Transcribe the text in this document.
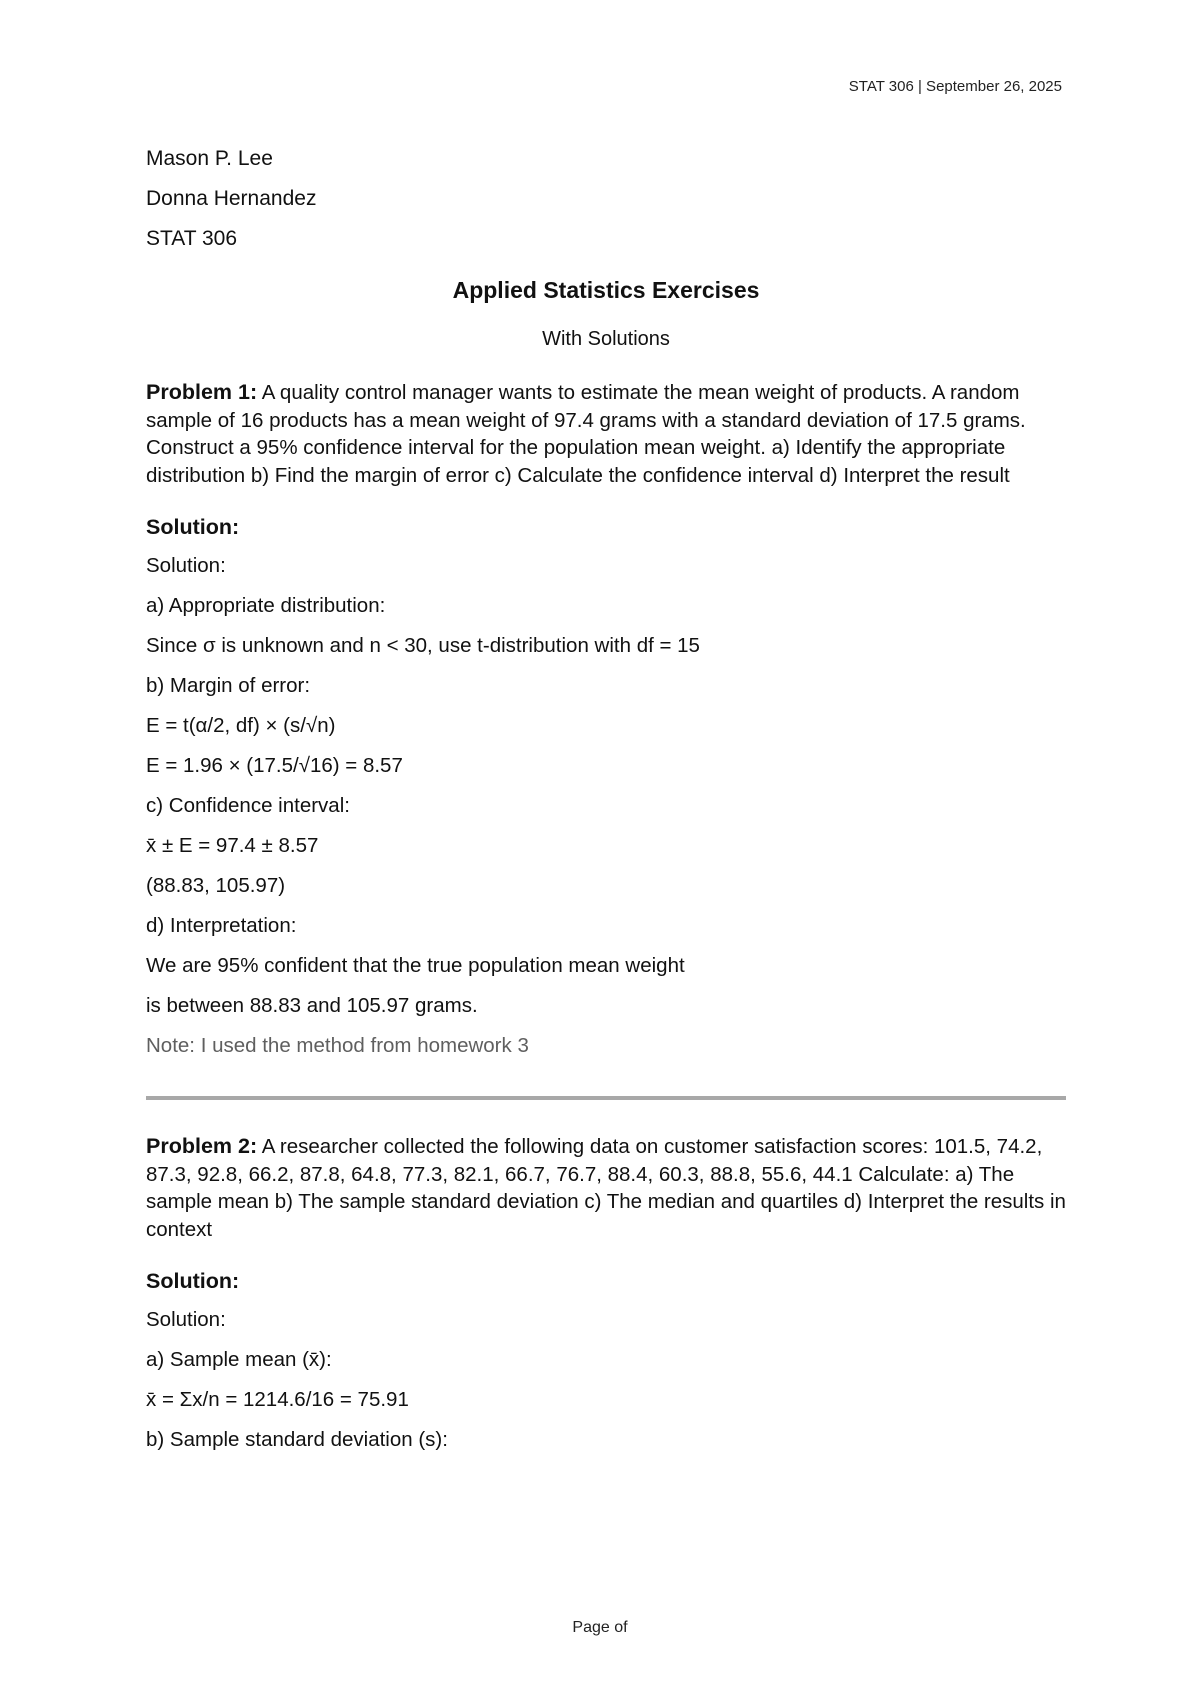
STAT 306 | September 26, 2025
Mason P. Lee
Donna Hernandez
STAT 306
Applied Statistics Exercises
With Solutions

Problem 1: A quality control manager wants to estimate the mean weight of products. A random sample of 16 products has a mean weight of 97.4 grams with a standard deviation of 17.5 grams. Construct a 95% confidence interval for the population mean weight. a) Identify the appropriate distribution b) Find the margin of error c) Calculate the confidence interval d) Interpret the result

Solution:
Solution:
a) Appropriate distribution:
Since σ is unknown and n < 30, use t-distribution with df = 15
b) Margin of error:
E = t(α/2, df) × (s/√n)
E = 1.96 × (17.5/√16) = 8.57
c) Confidence interval:
x̄ ± E = 97.4 ± 8.57
(88.83, 105.97)
d) Interpretation:
We are 95% confident that the true population mean weight
is between 88.83 and 105.97 grams.
Note: I used the method from homework 3

Problem 2: A researcher collected the following data on customer satisfaction scores: 101.5, 74.2, 87.3, 92.8, 66.2, 87.8, 64.8, 77.3, 82.1, 66.7, 76.7, 88.4, 60.3, 88.8, 55.6, 44.1 Calculate: a) The sample mean b) The sample standard deviation c) The median and quartiles d) Interpret the results in context

Solution:
Solution:
a) Sample mean (x̄):
x̄ = Σx/n = 1214.6/16 = 75.91
b) Sample standard deviation (s):
Page of
